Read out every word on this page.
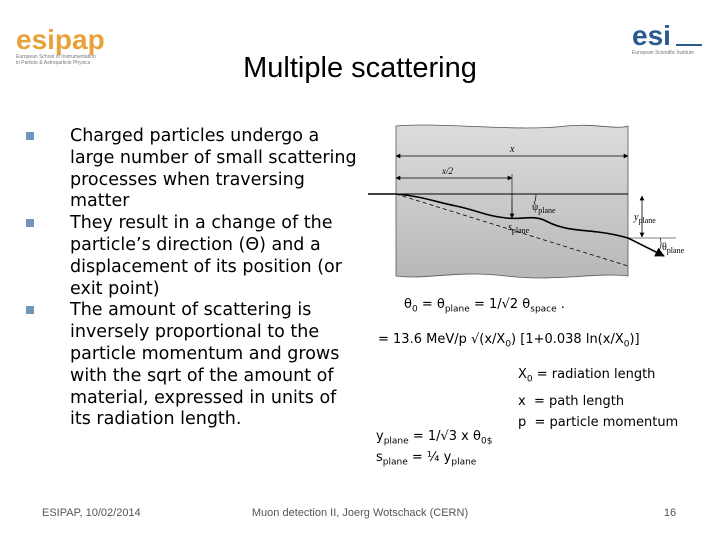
esipap
European School of Instrumentation
in Particle & Astroparticle Physics
esi
European Scientific Institute
Multiple scattering
Charged particles undergo a large number of small scattering processes when traversing matter
They result in a change of the particle’s direction (Θ) and a displacement of its position (or exit point)
The amount of scattering is inversely proportional to the particle momentum and grows with the sqrt of the amount of material, expressed in units of its radiation length.
x
x/2
$\psi_{plane}$
$s_{plane}$
$y_{plane}$
$\theta_{plane}$
$\theta_0 = \theta_{plane} = 1/√2$ $\theta_{space}$ .
= 13.6 MeV/p $√(x/X_0)$ [1+0.038 $\ln(x/X_0)$]
$X_0$ = radiation length
x  = path length
p  = particle momentum
$y_{plane} = 1/√3$ x $\theta_{0\$}$
$s_{plane}$ = ¼ $y_{plane}$
ESIPAP, 10/02/2014	Muon detection II, Joerg Wotschack (CERN)	16
